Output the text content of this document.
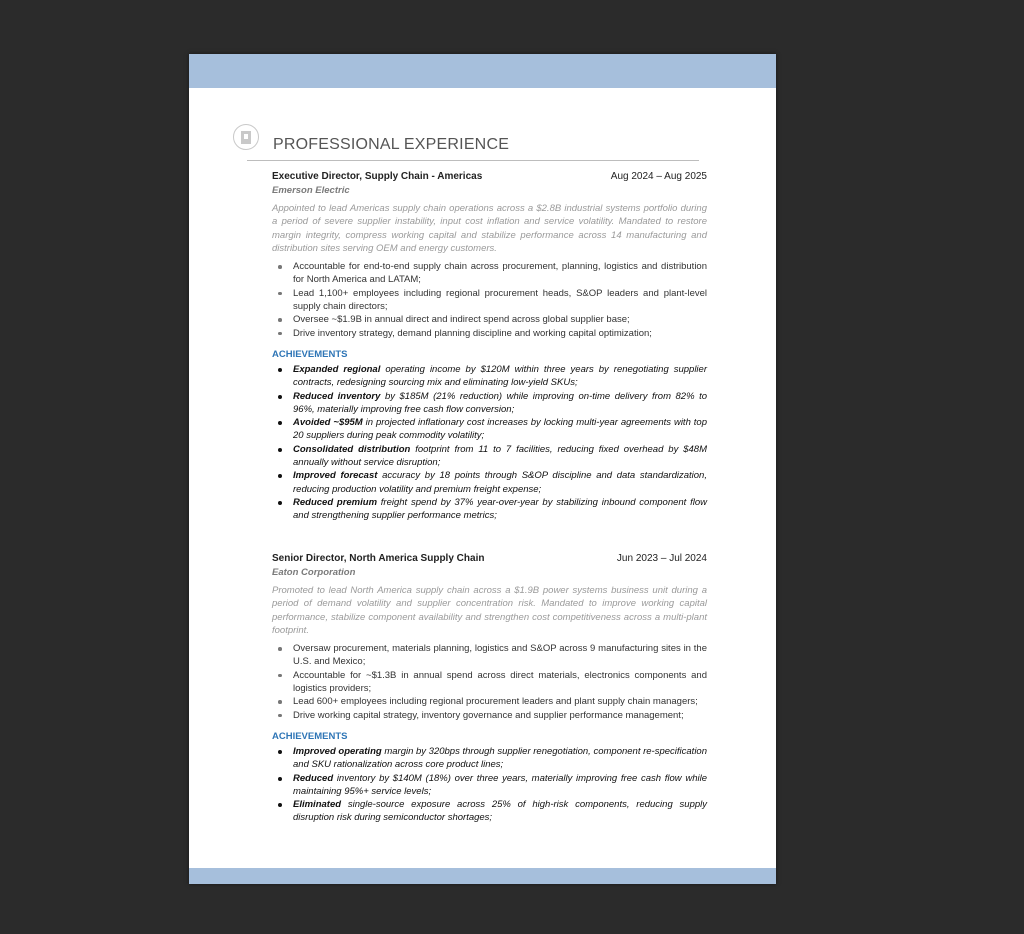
PROFESSIONAL EXPERIENCE
Executive Director, Supply Chain - Americas	Aug 2024 – Aug 2025
Emerson Electric
Appointed to lead Americas supply chain operations across a $2.8B industrial systems portfolio during a period of severe supplier instability, input cost inflation and service volatility. Mandated to restore margin integrity, compress working capital and stabilize performance across 14 manufacturing and distribution sites serving OEM and energy customers.
Accountable for end-to-end supply chain across procurement, planning, logistics and distribution for North America and LATAM;
Lead 1,100+ employees including regional procurement heads, S&OP leaders and plant-level supply chain directors;
Oversee ~$1.9B in annual direct and indirect spend across global supplier base;
Drive inventory strategy, demand planning discipline and working capital optimization;
ACHIEVEMENTS
Expanded regional operating income by $120M within three years by renegotiating supplier contracts, redesigning sourcing mix and eliminating low-yield SKUs;
Reduced inventory by $185M (21% reduction) while improving on-time delivery from 82% to 96%, materially improving free cash flow conversion;
Avoided ~$95M in projected inflationary cost increases by locking multi-year agreements with top 20 suppliers during peak commodity volatility;
Consolidated distribution footprint from 11 to 7 facilities, reducing fixed overhead by $48M annually without service disruption;
Improved forecast accuracy by 18 points through S&OP discipline and data standardization, reducing production volatility and premium freight expense;
Reduced premium freight spend by 37% year-over-year by stabilizing inbound component flow and strengthening supplier performance metrics;
Senior Director, North America Supply Chain	Jun 2023 – Jul 2024
Eaton Corporation
Promoted to lead North America supply chain across a $1.9B power systems business unit during a period of demand volatility and supplier concentration risk. Mandated to improve working capital performance, stabilize component availability and strengthen cost competitiveness across a multi-plant footprint.
Oversaw procurement, materials planning, logistics and S&OP across 9 manufacturing sites in the U.S. and Mexico;
Accountable for ~$1.3B in annual spend across direct materials, electronics components and logistics providers;
Lead 600+ employees including regional procurement leaders and plant supply chain managers;
Drive working capital strategy, inventory governance and supplier performance management;
ACHIEVEMENTS
Improved operating margin by 320bps through supplier renegotiation, component re-specification and SKU rationalization across core product lines;
Reduced inventory by $140M (18%) over three years, materially improving free cash flow while maintaining 95%+ service levels;
Eliminated single-source exposure across 25% of high-risk components, reducing supply disruption risk during semiconductor shortages;
